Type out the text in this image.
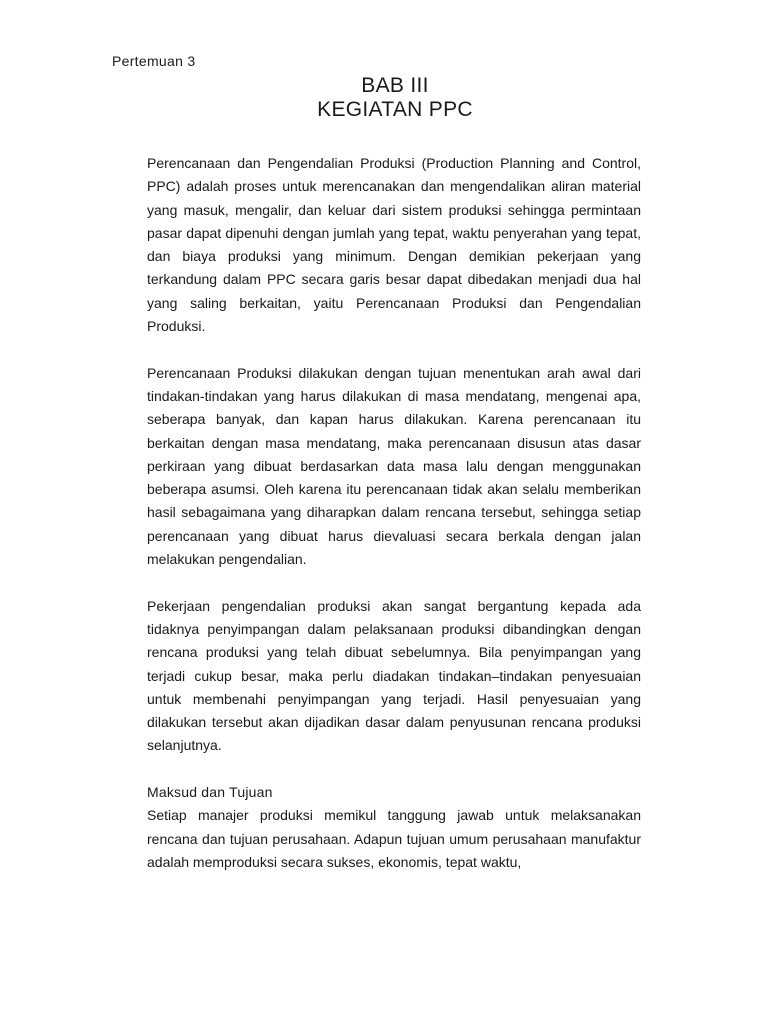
Pertemuan 3
BAB III
KEGIATAN PPC

Perencanaan dan Pengendalian Produksi (Production Planning and Control, PPC) adalah proses untuk merencanakan dan mengendalikan aliran material yang masuk, mengalir, dan keluar dari sistem produksi sehingga permintaan pasar dapat dipenuhi dengan jumlah yang tepat, waktu penyerahan yang tepat, dan biaya produksi yang minimum. Dengan demikian pekerjaan yang terkandung dalam PPC secara garis besar dapat dibedakan menjadi dua hal yang saling berkaitan, yaitu Perencanaan Produksi dan Pengendalian Produksi.

Perencanaan Produksi dilakukan dengan tujuan menentukan arah awal dari tindakan-tindakan yang harus dilakukan di masa mendatang, mengenai apa, seberapa banyak, dan kapan harus dilakukan. Karena perencanaan itu berkaitan dengan masa mendatang, maka perencanaan disusun atas dasar perkiraan yang dibuat berdasarkan data masa lalu dengan menggunakan beberapa asumsi. Oleh karena itu perencanaan tidak akan selalu memberikan hasil sebagaimana yang diharapkan dalam rencana tersebut, sehingga setiap perencanaan yang dibuat harus dievaluasi secara berkala dengan jalan melakukan pengendalian.

Pekerjaan pengendalian produksi akan sangat bergantung kepada ada tidaknya penyimpangan dalam pelaksanaan produksi dibandingkan dengan rencana produksi yang telah dibuat sebelumnya. Bila penyimpangan yang terjadi cukup besar, maka perlu diadakan tindakan–tindakan penyesuaian untuk membenahi penyimpangan yang terjadi. Hasil penyesuaian yang dilakukan tersebut akan dijadikan dasar dalam penyusunan rencana produksi selanjutnya.

Maksud dan Tujuan

Setiap manajer produksi memikul tanggung jawab untuk melaksanakan rencana dan tujuan perusahaan. Adapun tujuan umum perusahaan manufaktur adalah memproduksi secara sukses, ekonomis, tepat waktu,
